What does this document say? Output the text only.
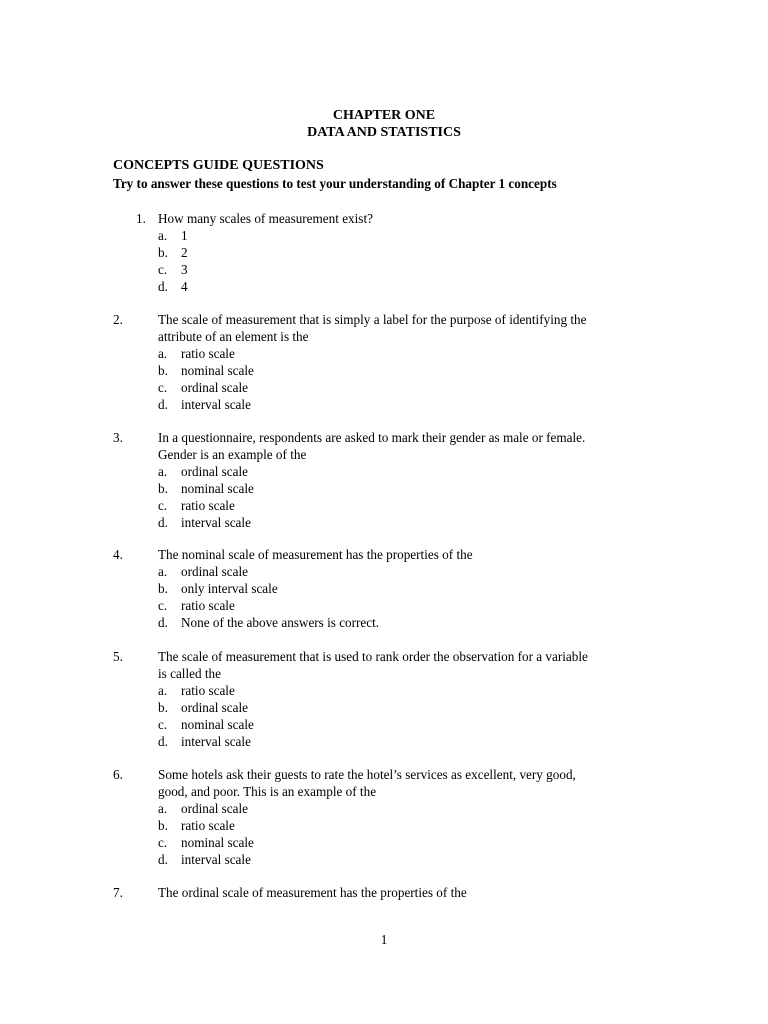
CHAPTER ONE
DATA AND STATISTICS
CONCEPTS GUIDE QUESTIONS
Try to answer these questions to test your understanding of Chapter 1 concepts
1. How many scales of measurement exist?
a. 1
b. 2
c. 3
d. 4
2.	The scale of measurement that is simply a label for the purpose of identifying the
attribute of an element is the
a. ratio scale
b. nominal scale
c. ordinal scale
d. interval scale
3.	In a questionnaire, respondents are asked to mark their gender as male or female.
Gender is an example of the
a. ordinal scale
b. nominal scale
c. ratio scale
d. interval scale
4.	The nominal scale of measurement has the properties of the
a. ordinal scale
b. only interval scale
c. ratio scale
d. None of the above answers is correct.
5.	The scale of measurement that is used to rank order the observation for a variable
is called the
a. ratio scale
b. ordinal scale
c. nominal scale
d. interval scale
6.	Some hotels ask their guests to rate the hotel’s services as excellent, very good,
good, and poor. This is an example of the
a. ordinal scale
b. ratio scale
c. nominal scale
d. interval scale
7.	The ordinal scale of measurement has the properties of the
1
